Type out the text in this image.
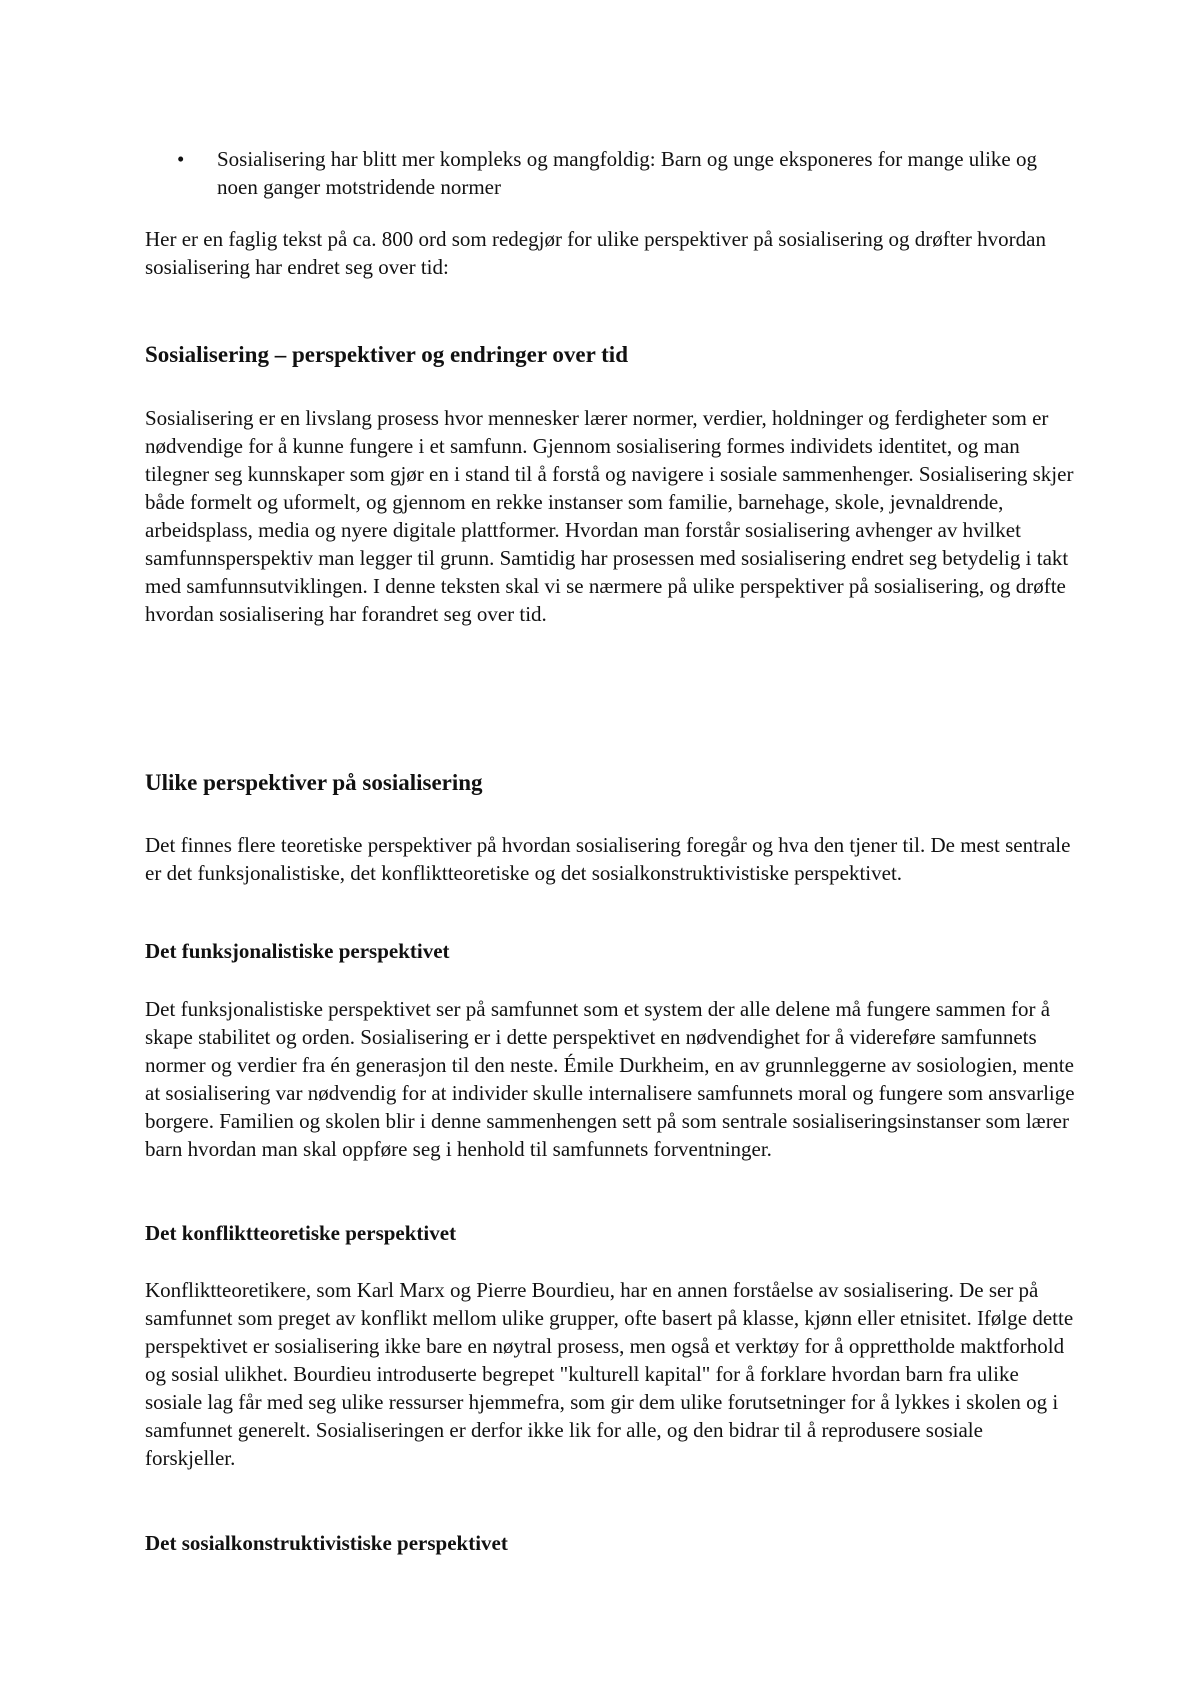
• Sosialisering har blitt mer kompleks og mangfoldig: Barn og unge eksponeres for mange ulike og noen ganger motstridende normer

Her er en faglig tekst på ca. 800 ord som redegjør for ulike perspektiver på sosialisering og drøfter hvordan sosialisering har endret seg over tid:

Sosialisering – perspektiver og endringer over tid

Sosialisering er en livslang prosess hvor mennesker lærer normer, verdier, holdninger og ferdigheter som er nødvendige for å kunne fungere i et samfunn. Gjennom sosialisering formes individets identitet, og man tilegner seg kunnskaper som gjør en i stand til å forstå og navigere i sosiale sammenhenger. Sosialisering skjer både formelt og uformelt, og gjennom en rekke instanser som familie, barnehage, skole, jevnaldrende, arbeidsplass, media og nyere digitale plattformer. Hvordan man forstår sosialisering avhenger av hvilket samfunnsperspektiv man legger til grunn. Samtidig har prosessen med sosialisering endret seg betydelig i takt med samfunnsutviklingen. I denne teksten skal vi se nærmere på ulike perspektiver på sosialisering, og drøfte hvordan sosialisering har forandret seg over tid.

Ulike perspektiver på sosialisering

Det finnes flere teoretiske perspektiver på hvordan sosialisering foregår og hva den tjener til. De mest sentrale er det funksjonalistiske, det konfliktteoretiske og det sosialkonstruktivistiske perspektivet.

Det funksjonalistiske perspektivet

Det funksjonalistiske perspektivet ser på samfunnet som et system der alle delene må fungere sammen for å skape stabilitet og orden. Sosialisering er i dette perspektivet en nødvendighet for å videreføre samfunnets normer og verdier fra én generasjon til den neste. Émile Durkheim, en av grunnleggerne av sosiologien, mente at sosialisering var nødvendig for at individer skulle internalisere samfunnets moral og fungere som ansvarlige borgere. Familien og skolen blir i denne sammenhengen sett på som sentrale sosialiseringsinstanser som lærer barn hvordan man skal oppføre seg i henhold til samfunnets forventninger.

Det konfliktteoretiske perspektivet

Konfliktteoretikere, som Karl Marx og Pierre Bourdieu, har en annen forståelse av sosialisering. De ser på samfunnet som preget av konflikt mellom ulike grupper, ofte basert på klasse, kjønn eller etnisitet. Ifølge dette perspektivet er sosialisering ikke bare en nøytral prosess, men også et verktøy for å opprettholde maktforhold og sosial ulikhet. Bourdieu introduserte begrepet "kulturell kapital" for å forklare hvordan barn fra ulike sosiale lag får med seg ulike ressurser hjemmefra, som gir dem ulike forutsetninger for å lykkes i skolen og i samfunnet generelt. Sosialiseringen er derfor ikke lik for alle, og den bidrar til å reprodusere sosiale forskjeller.

Det sosialkonstruktivistiske perspektivet
